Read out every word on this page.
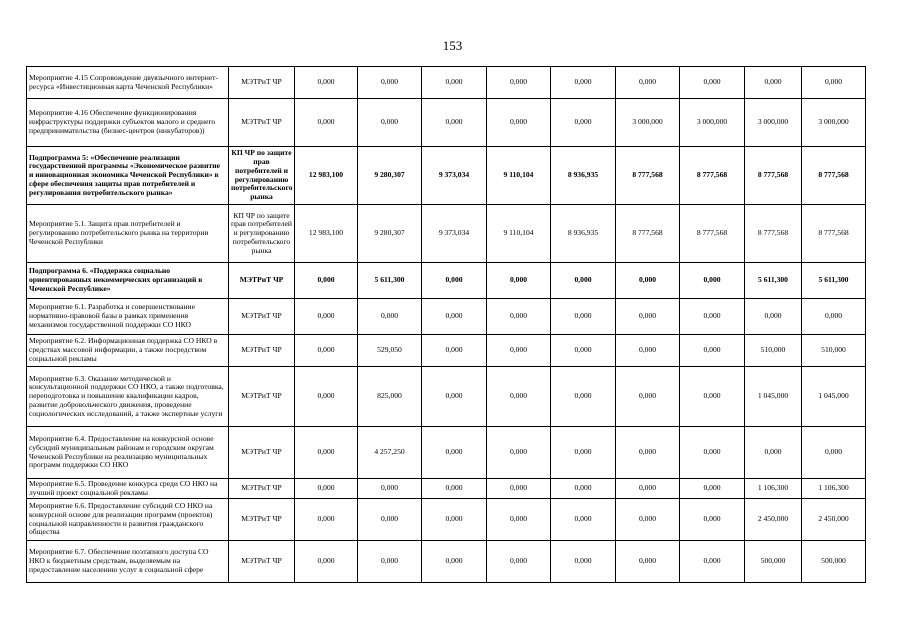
153
Мероприятие 4.15 Сопровождение двуязычного интернет-ресурса «Инвестиционная карта Чеченской Республики»	МЭТРиТ ЧР	0,000	0,000	0,000	0,000	0,000	0,000	0,000	0,000	0,000
Мероприятие 4.16 Обеспечение функционирования инфраструктуры поддержки субъектов малого и среднего предпринимательства (бизнес-центров (инкубаторов))	МЭТРиТ ЧР	0,000	0,000	0,000	0,000	0,000	3 000,000	3 000,000	3 000,000	3 000,000
Подпрограмма 5: «Обеспечение реализации государственной программы «Экономическое развитие и инновационная экономика Чеченской Республики» в сфере обеспечения защиты прав потребителей и регулирования потребительского рынка»	КП ЧР по защите прав потребителей и регулированию потребительского рынка	12 983,100	9 280,307	9 373,034	9 110,104	8 936,935	8 777,568	8 777,568	8 777,568	8 777,568
Мероприятие 5.1. Защита прав потребителей и регулированию потребительского рынка на территории Чеченской Республики	КП ЧР по защите прав потребителей и регулированию потребительского рынка	12 983,100	9 280,307	9 373,034	9 110,104	8 936,935	8 777,568	8 777,568	8 777,568	8 777,568
Подпрограмма 6. «Поддержка социально ориентированных некоммерческих организаций в Чеченской Республике»	МЭТРиТ ЧР	0,000	5 611,300	0,000	0,000	0,000	0,000	0,000	5 611,300	5 611,300
Мероприятие 6.1. Разработка и совершенствование нормативно-правовой базы в рамках применения механизмов государственной поддержки СО НКО	МЭТРиТ ЧР	0,000	0,000	0,000	0,000	0,000	0,000	0,000	0,000	0,000
Мероприятие 6.2. Информационная поддержка СО НКО в средствах массовой информации, а также посредством социальной рекламы	МЭТРиТ ЧР	0,000	529,050	0,000	0,000	0,000	0,000	0,000	510,000	510,000
Мероприятие 6.3. Оказание методической и консультационной поддержки СО НКО, а также подготовка, переподготовка и повышение квалификации кадров, развитие добровольческого движения, проведение социологических исследований, а также экспертные услуги	МЭТРиТ ЧР	0,000	825,000	0,000	0,000	0,000	0,000	0,000	1 045,000	1 045,000
Мероприятие 6.4. Предоставление на конкурсной основе субсидий муниципальным районам и городским округам Чеченской Республики на реализацию муниципальных программ поддержки СО НКО	МЭТРиТ ЧР	0,000	4 257,250	0,000	0,000	0,000	0,000	0,000	0,000	0,000
Мероприятие 6.5. Проведение конкурса среди СО НКО на лучший проект социальной рекламы	МЭТРиТ ЧР	0,000	0,000	0,000	0,000	0,000	0,000	0,000	1 106,300	1 106,300
Мероприятие 6.6. Предоставление субсидий СО НКО на конкурсной основе для реализации программ (проектов) социальной направленности и развития гражданского общества	МЭТРиТ ЧР	0,000	0,000	0,000	0,000	0,000	0,000	0,000	2 450,000	2 450,000
Мероприятие 6.7. Обеспечение поэтапного доступа СО НКО к бюджетным средствам, выделяемым на предоставление населению услуг в социальной сфере	МЭТРиТ ЧР	0,000	0,000	0,000	0,000	0,000	0,000	0,000	500,000	500,000
